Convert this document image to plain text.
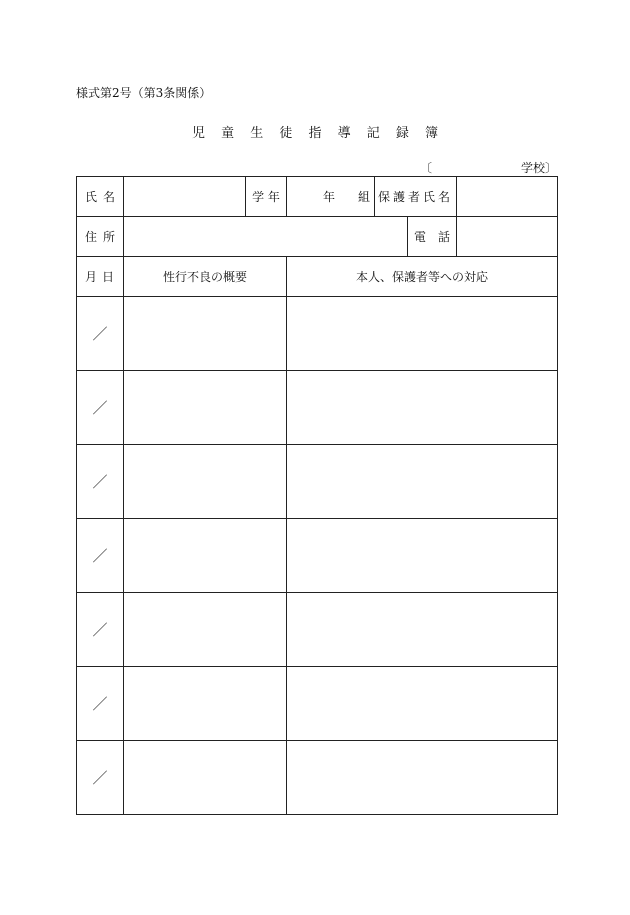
様式第2号（第3条関係）
児 童 生 徒 指 導 記 録 簿
〔	学校〕
氏 名		学 年	年 組	保護者氏名		

住 所					電 話	

月 日	性行不良の概要		本人、保護者等への対応			
／						
／						
／						
／						
／						
／						
／						
